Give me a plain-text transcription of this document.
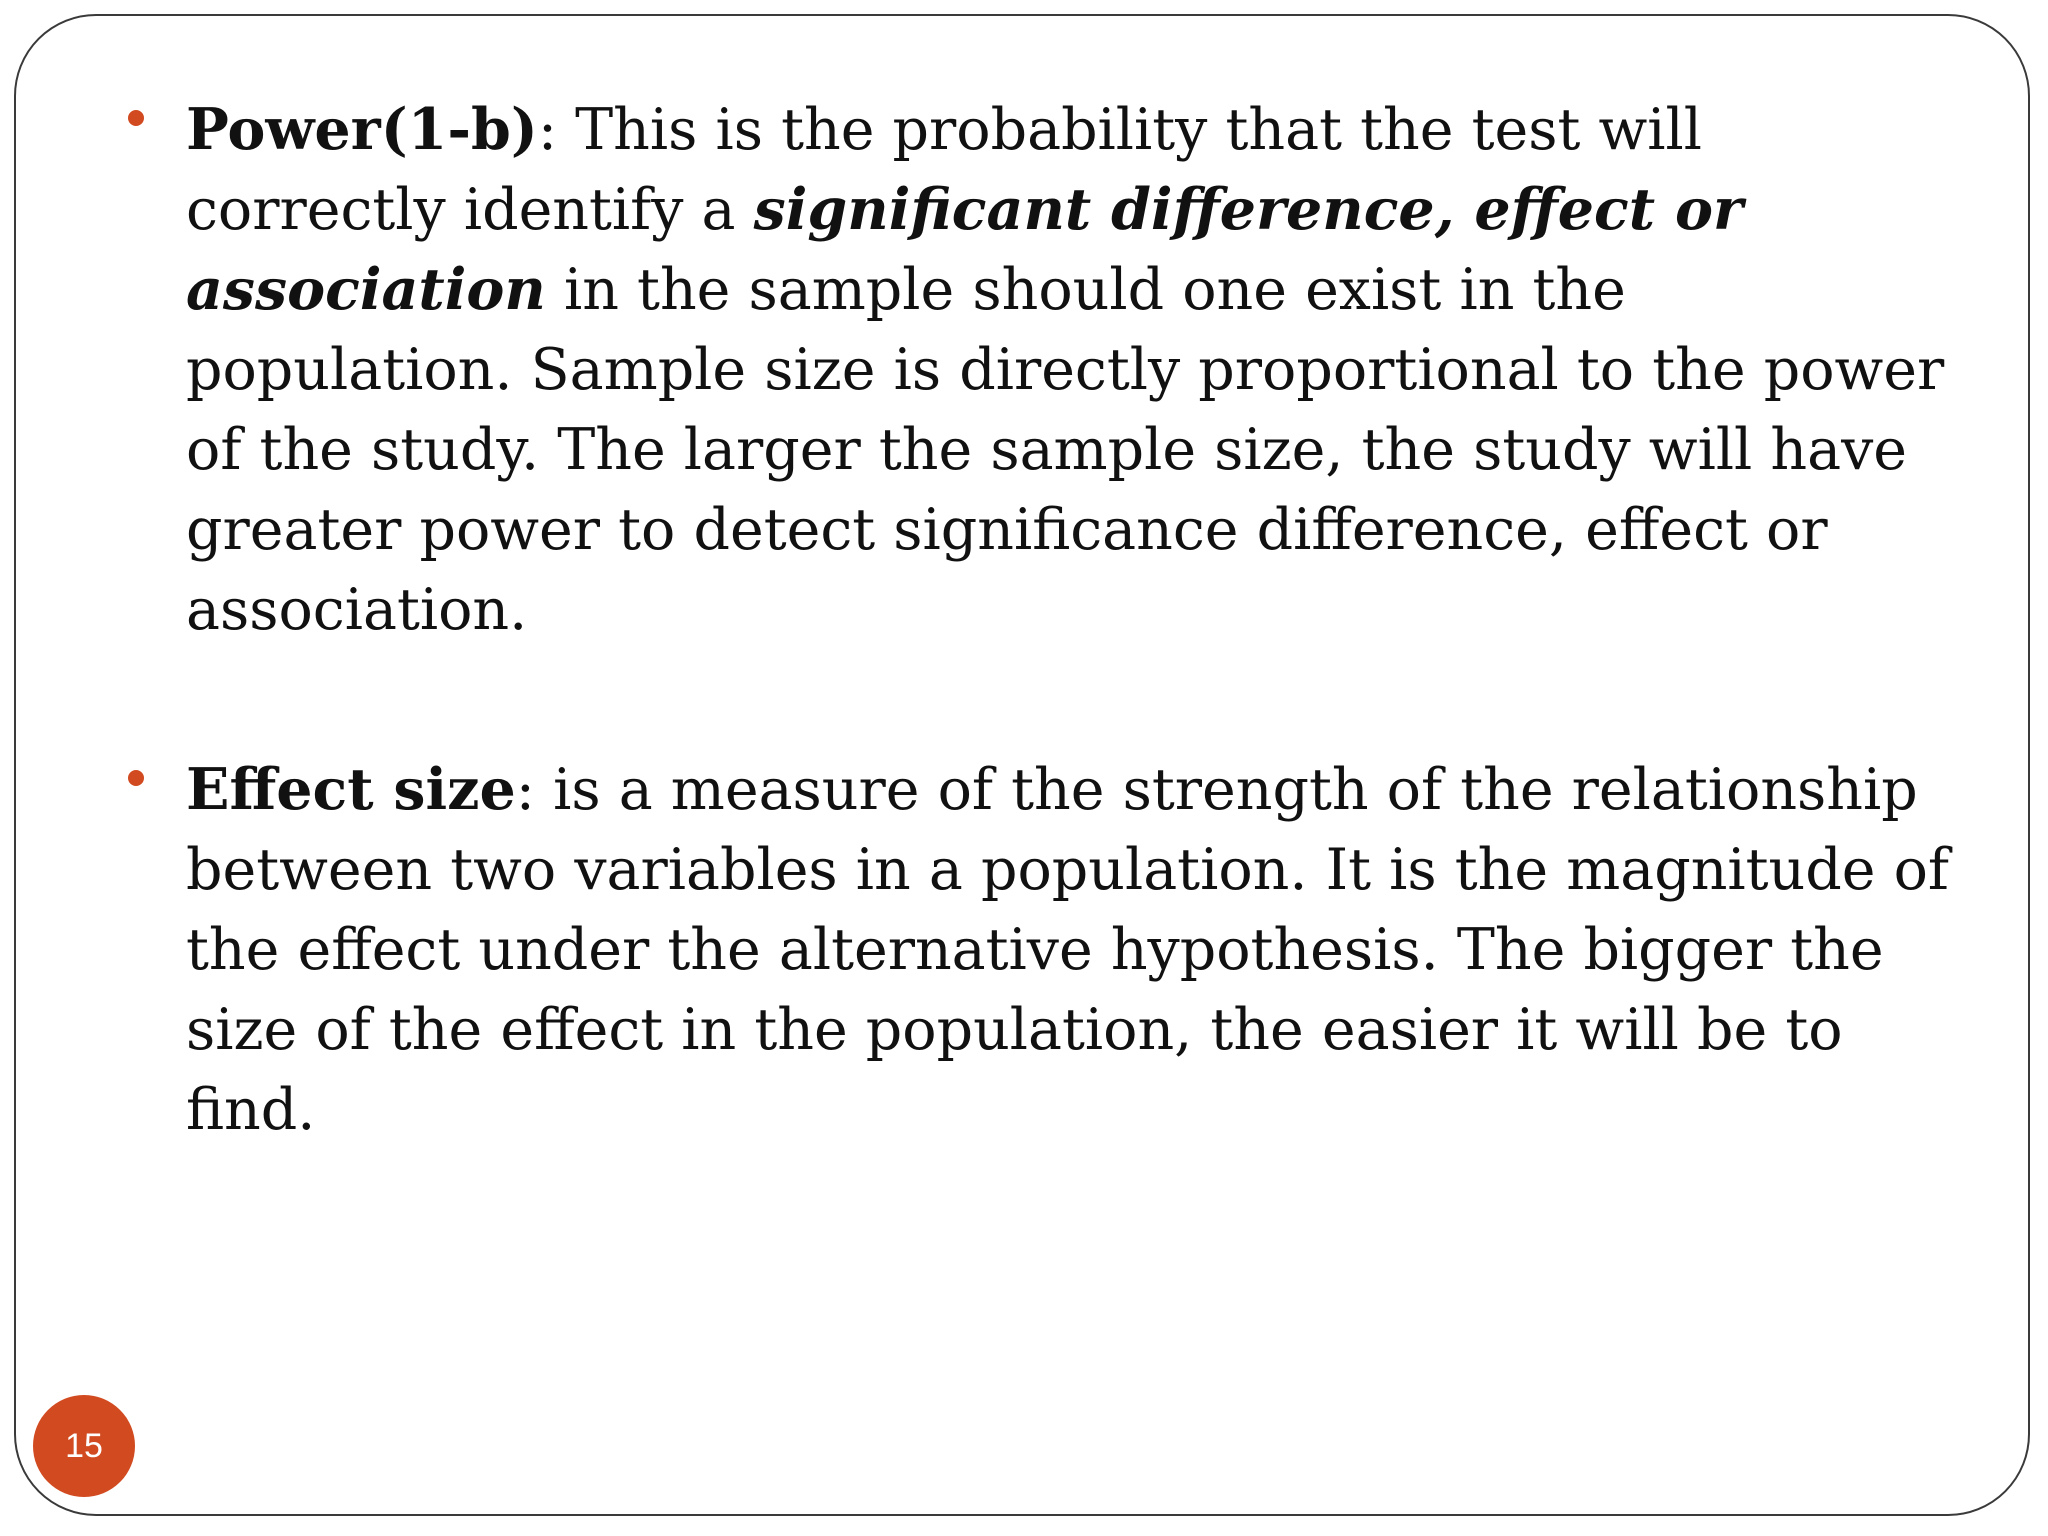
Power(1-b): This is the probability that the test will correctly identify a significant difference, effect or association in the sample should one exist in the population. Sample size is directly proportional to the power of the study. The larger the sample size, the study will have greater power to detect significance difference, effect or association.

Effect size: is a measure of the strength of the relationship between two variables in a population. It is the magnitude of the effect under the alternative hypothesis. The bigger the size of the effect in the population, the easier it will be to find.

15
